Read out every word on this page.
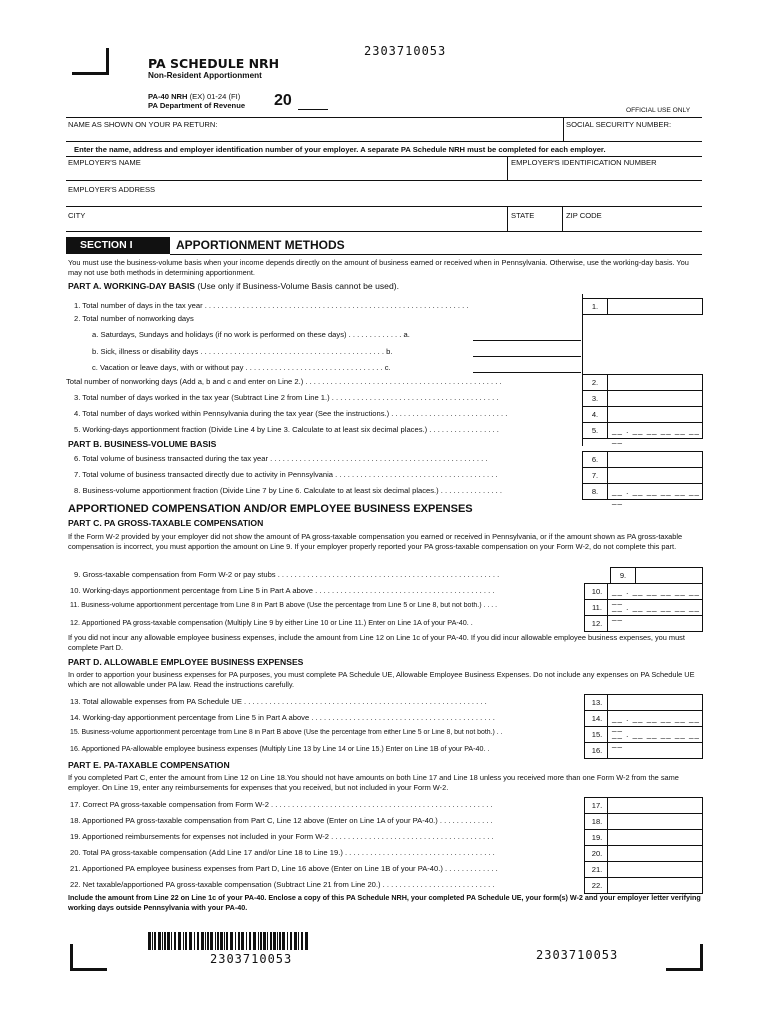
2303710053
PA SCHEDULE NRH
Non-Resident Apportionment
PA-40 NRH (EX) 01-24 (FI)
PA Department of Revenue 20
OFFICIAL USE ONLY
NAME AS SHOWN ON YOUR PA RETURN:	SOCIAL SECURITY NUMBER:
Enter the name, address and employer identification number of your employer. A separate PA Schedule NRH must be completed for each employer.
EMPLOYER'S NAME	EMPLOYER'S IDENTIFICATION NUMBER
EMPLOYER'S ADDRESS
CITY	STATE	ZIP CODE
SECTION I	APPORTIONMENT METHODS
You must use the business-volume basis when your income depends directly on the amount of business earned or received when in Pennsylvania. Otherwise, use the working-day basis. You may not use both methods in determining apportionment.
PART A. WORKING-DAY BASIS (Use only if Business-Volume Basis cannot be used).
1. Total number of days in the tax year . . . . . . . . . . . . . . . . . . . . . . . . . . . . . . . . . . . . . . . . . . . . . . . . . . . . . . . . . . . . . . .	1.
2. Total number of nonworking days
a. Saturdays, Sundays and holidays (if no work is performed on these days) . . . . . . . . . . . . . a.
b. Sick, illness or disability days . . . . . . . . . . . . . . . . . . . . . . . . . . . . . . . . . . . . . . . . . . . . b.
c. Vacation or leave days, with or without pay . . . . . . . . . . . . . . . . . . . . . . . . . . . . . . . . . c.
Total number of nonworking days (Add a, b and c and enter on Line 2.) . . . . . . . . . . . . . . . . . . . . . . . . . . . . . . . . . . . . . . . . . . . . . . .	2.
3. Total number of days worked in the tax year (Subtract Line 2 from Line 1.) . . . . . . . . . . . . . . . . . . . . . . . . . . . . . . . . . . . . . . . .	3.
4. Total number of days worked within Pennsylvania during the tax year (See the instructions.) . . . . . . . . . . . . . . . . . . . . . . . . . . . .	4.
5. Working-days apportionment fraction (Divide Line 4 by Line 3. Calculate to at least six decimal places.) . . . . . . . . . . . . . . . . .	5.	__ . __ __ __ __ __ __
PART B. BUSINESS-VOLUME BASIS
6. Total volume of business transacted during the tax year . . . . . . . . . . . . . . . . . . . . . . . . . . . . . . . . . . . . . . . . . . . . . . . . . . . .	6.
7. Total volume of business transacted directly due to activity in Pennsylvania . . . . . . . . . . . . . . . . . . . . . . . . . . . . . . . . . . . . . . .	7.
8. Business-volume apportionment fraction (Divide Line 7 by Line 6. Calculate to at least six decimal places.) . . . . . . . . . . . . . . .	8.	__ . __ __ __ __ __ __
APPORTIONED COMPENSATION AND/OR EMPLOYEE BUSINESS EXPENSES
PART C. PA GROSS-TAXABLE COMPENSATION
If the Form W-2 provided by your employer did not show the amount of PA gross-taxable compensation you earned or received in Pennsylvania, or if the amount shown as PA gross-taxable compensation is incorrect, you must apportion the amount on Line 9. If your employer properly reported your PA gross-taxable compensation on your Form W-2, do not complete this part.
9. Gross-taxable compensation from Form W-2 or pay stubs . . . . . . . . . . . . . . . . . . . . . . . . . . . . . . . . . . . . . . . . . . . . . . . . . . . . .	9.
10. Working-days apportionment percentage from Line 5 in Part A above . . . . . . . . . . . . . . . . . . . . . . . . . . . . . . . . . . . . . . . . . . .	10.	__ . __ __ __ __ __ __
11. Business-volume apportionment percentage from Line 8 in Part B above (Use the percentage from Line 5 or Line 8, but not both.) . . . .	11.	__ . __ __ __ __ __ __
12. Apportioned PA gross-taxable compensation (Multiply Line 9 by either Line 10 or Line 11.) Enter on Line 1A of your PA-40. .	12.
If you did not incur any allowable employee business expenses, include the amount from Line 12 on Line 1c of your PA-40. If you did incur allowable employee business expenses, you must complete Part D.
PART D. ALLOWABLE EMPLOYEE BUSINESS EXPENSES
In order to apportion your business expenses for PA purposes, you must complete PA Schedule UE, Allowable Employee Business Expenses. Do not include any expenses on PA Schedule UE which are not allowable under PA law. Read the instructions carefully.
13. Total allowable expenses from PA Schedule UE . . . . . . . . . . . . . . . . . . . . . . . . . . . . . . . . . . . . . . . . . . . . . . . . . . . . . . . . . .	13.
14. Working-day apportionment percentage from Line 5 in Part A above . . . . . . . . . . . . . . . . . . . . . . . . . . . . . . . . . . . . . . . . . . . .	14.	__ . __ __ __ __ __ __
15. Business-volume apportionment percentage from Line 8 in Part B above (Use the percentage from either Line 5 or Line 8, but not both.) . .	15.	__ . __ __ __ __ __ __
16. Apportioned PA-allowable employee business expenses (Multiply Line 13 by Line 14 or Line 15.) Enter on Line 1B of your PA-40. .	16.
PART E. PA-TAXABLE COMPENSATION
If you completed Part C, enter the amount from Line 12 on Line 18.You should not have amounts on both Line 17 and Line 18 unless you received more than one Form W-2 from the same employer. On Line 19, enter any reimbursements for expenses that you received, but not included in your Form W-2.
17. Correct PA gross-taxable compensation from Form W-2 . . . . . . . . . . . . . . . . . . . . . . . . . . . . . . . . . . . . . . . . . . . . . . . . . . . . .	17.
18. Apportioned PA gross-taxable compensation from Part C, Line 12 above (Enter on Line 1A of your PA-40.) . . . . . . . . . . . . .	18.
19. Apportioned reimbursements for expenses not included in your Form W-2 . . . . . . . . . . . . . . . . . . . . . . . . . . . . . . . . . . . . . . .	19.
20. Total PA gross-taxable compensation (Add Line 17 and/or Line 18 to Line 19.) . . . . . . . . . . . . . . . . . . . . . . . . . . . . . . . . . . . .	20.
21. Apportioned PA employee business expenses from Part D, Line 16 above (Enter on Line 1B of your PA-40.) . . . . . . . . . . . . .	21.
22. Net taxable/apportioned PA gross-taxable compensation (Subtract Line 21 from Line 20.) . . . . . . . . . . . . . . . . . . . . . . . . . . .	22.
Include the amount from Line 22 on Line 1c of your PA-40. Enclose a copy of this PA Schedule NRH, your completed PA Schedule UE, your form(s) W-2 and your employer letter verifying working days outside Pennsylvania with your PA-40.
2303710053	2303710053
